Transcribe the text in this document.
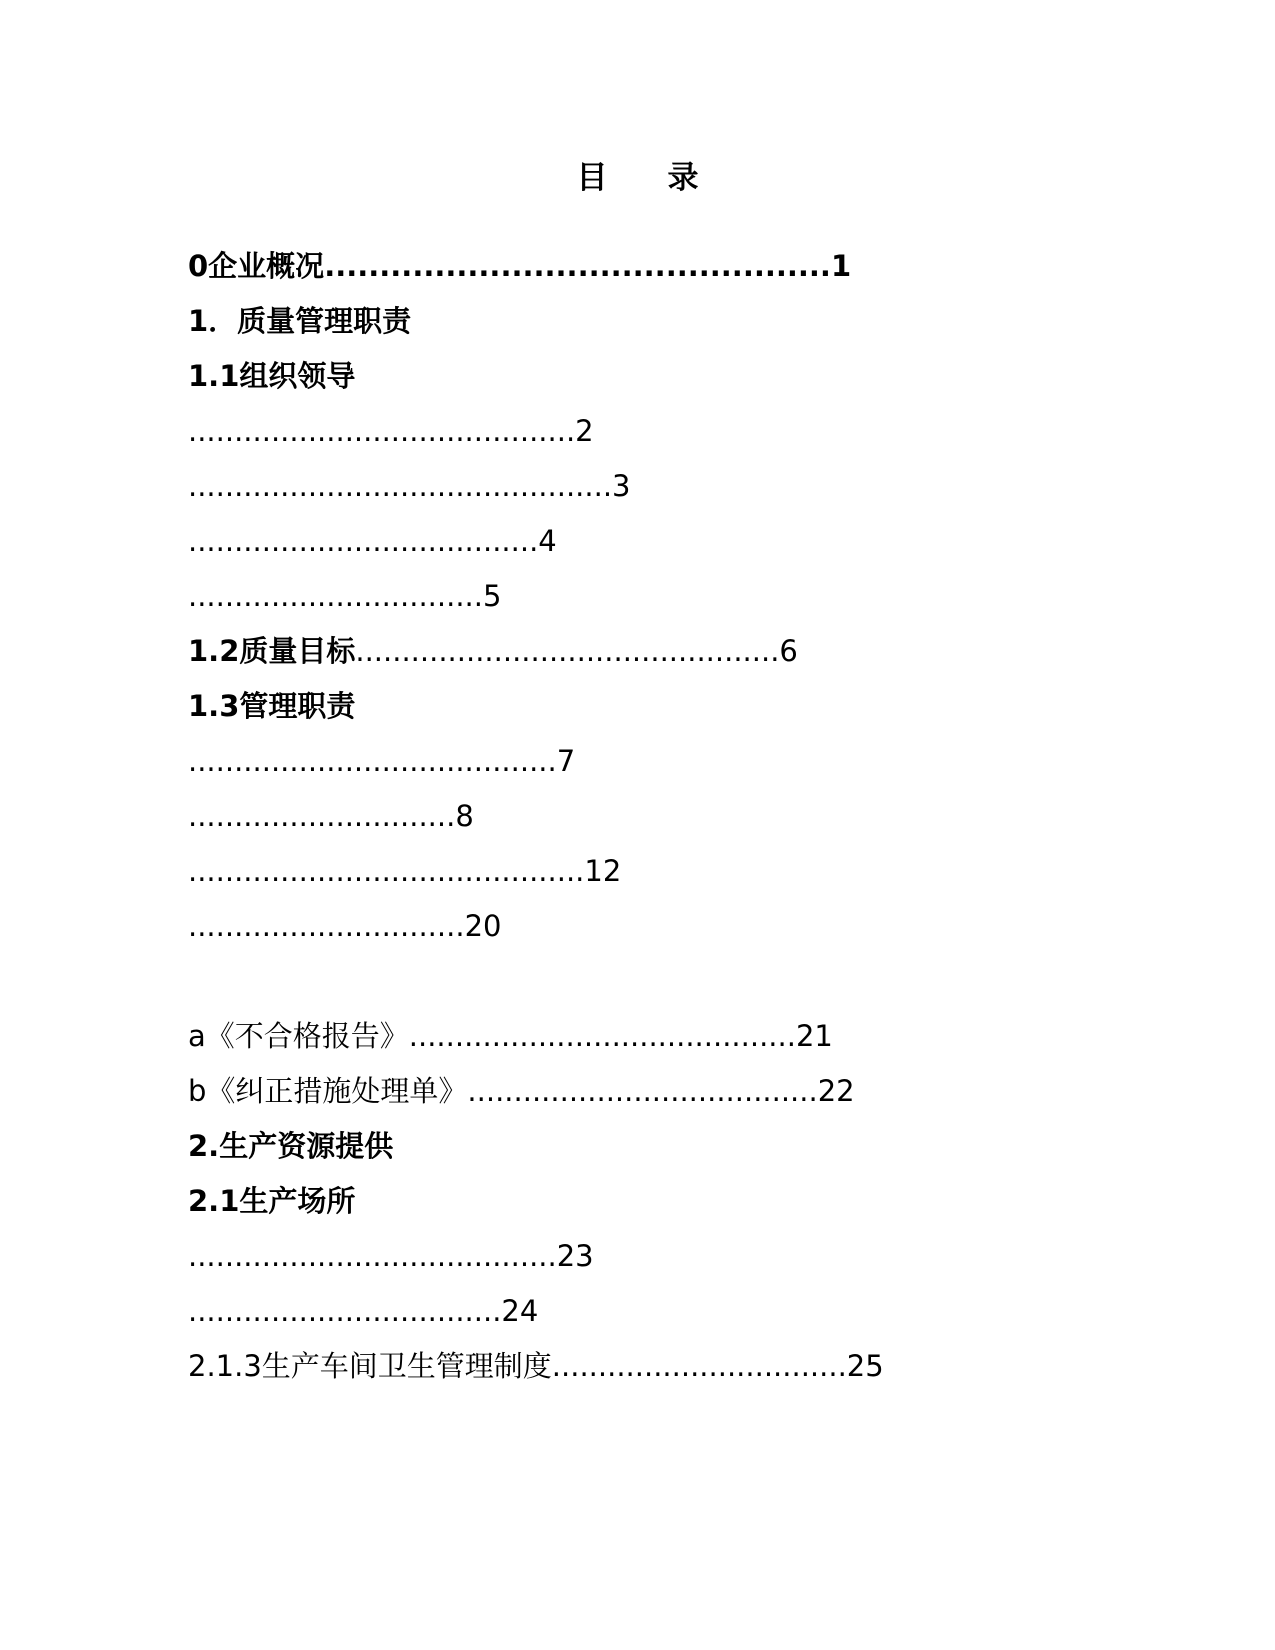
目 录
0企业概况..............................................1
1．质量管理职责
1.1组织领导
..........................................2
..............................................3
......................................4
................................5
1.2质量目标..............................................6
1.3管理职责
........................................7
.............................8
...........................................12
..............................20
a《不合格报告》..........................................21
b《纠正措施处理单》......................................22
2.生产资源提供
2.1生产场所
........................................23
..................................24
2.1.3生产车间卫生管理制度................................25
